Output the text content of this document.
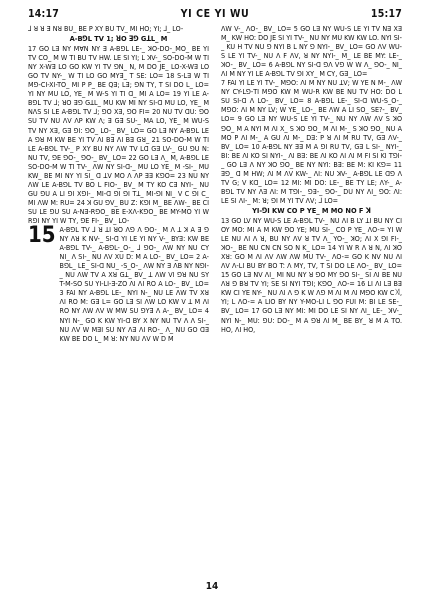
14:17	YI CE YI WU	15:17

⅃ ꓤ ꓤ Ǝ Nꓤ BU_ BE P XY BU TV_ MI HO; YI; ⅃_ LO-

A-BꓨL TV 1; ꓤO ꓱꓨ GꓕL_ M

17 GO Lꓱ NY MꓯN NY Ǝ A-BꓨL LE-_ ꓘO-DO-_MO_ BE YI TV CO_ M W TI BU TV HW. LE SI YI; L ꓘV-_ SO-DO-M W TI NY X-Wꓱ LO GO KW YI TV ꓨN_ N, M DO JE_ LO-X-Wꓱ LO GO TV NY-_ W TI LO GO MYꓱ_ T SE: LO= 18 S-Lꓱ W TI Mꓨ-CI-XI-TO_ MI P P_ BE Qꓱ; Lꓱ; ꓨN TY, T SI DO L_ LO= YI NY MU LO, YE_ M W-S YI TI ꓷ_ MI A LO= 19 YI LE A-BꓨL TV ⅃; ꓤO ꓱꓨ GꓕL_ MU KW MI NY SI-ꓷ MU LO, YE_ M NꓥS SI LE A-BꓨL TV ⅃; ꓨO Xꓱ, ꓨO FI= 20 NU TV ꓷU: ꓨO SU TV NU ꓥV ꓥP KW ꓥ; ꓱ Gꓱ SU-_ MA LO, YE_ M WU-S TV NY Xꓱ, Gꓱ ꓨI: ꓨO_ LO-_ BV_ LO= GO Lꓱ NY A-BꓨL LE A ꓨꓤ M KW BE YI TV ꓥI Bꓱ ꓥI Bꓱ Gꓤ_ 21 SO-DO-M W TI LE A-BꓨL TV-_ P XY BU NY ꓥW TV Lꓷ Gꓱ LV-_ GU ꓨU N: NU TV, ꓨE ꓨO-_ ꓨO-_ BV_ LO= 22 GO Lꓱ ꓥ_ M, A-BꓨL LE SO-DO-M W TI TV-_ ꓥW NY SI-ꓷ-_ MU LO YE_ M -SI-_ MU KW_ BE MI NY YI SI_ ꓷ ꓕV MO ꓥ ꓥP Ǝꓱ KꓨO= 23 NU NY ꓥW LE A-BꓨL TV BO L FIO-_ BV_ M TY KO Cꓱ NYI-_ NU GU ꓨU A LI ꓨI XꓨI-_ MI-ꓷ ꓨI ꓨI Tꓕ_ MI-ꓨI NI_ V C ꓨI C_ MI ꓥW M: RU= 24 ꓘ GU ꓨV_ BU Z: KꓨI M_ BE ꓥW-_ BE CI SU LE ꓨU SU A-Nꓱ-RꓨO_ BE E-Xꓥ-KꓨO_ BE MY-MO YI W RꓨI NY YI W TY, ꓨE FI-_ BV_ LO-

15 A-BꓨL TV ⅃ ꓤ ꓕI ꓤO ꓥꓨ ꓥ ꓨO-_ M ꓥ ꓕ ꓘ A ꓱ ꓨ NY ꓥꓤ K NV-_ SI-ꓷ YI LE YI NY V-_ BYꓱ: KW BE A-BꓨL TV-_ A-BꓨL-_O-_ ⅃ ꓨO-_ ꓥW NY NU CY NI_ ꓥ SI-_ NU ꓥV XU D: M A LO-_ BV_ LO= 2 A-BꓨL_ LE_ SI-ꓷ NU_ -S_O-_ ꓥW NY Ǝ ꓥB NY NꓨI-_ NU ꓥW TV A Xꓤ Gꓕ_ BV_ ꓕ ꓥW VI ꓨꓤ NU SY T-M-SO SU YI-LI-Ǝ-ZO ꓥI ꓥI RO A LO-_ BV_ LO= 3 FAI NY A-BꓨL LE-_ NYI N-_ NU LE ꓥW TV Xꓤ ꓥI RO M: Gꓱ L= GO Lꓱ SI ꓥW LO KW V ꓕ M ꓥI RO NY ꓥW ꓥV W MW SU ꓨYꓱ ꓥ A-_ BV_ LO= 4 NYI N-_ GO K KW YI-ꓷ BY X NY NU TV ꓥ ꓥ SI-_ NU ꓥV W MꓱI SU NY ꓥꓱ ꓥI RO-_ ꓥ_ NU GO ꓷꓱ KW BE DO L_ M ꓤ: NY NU ꓥV W D M

ꓥW V-_ ꓥO-_ BV_ LO= 5 GO Lꓱ NY WU-S LE YI TV Nꓱ Xꓱ M_ KW HO: DO JE SI YI TV-_ NU NY MU KW KW LO. NYI SI-_ KU H TV NU ꓨ NYI B L NY ꓨ NYI-_ BV_ LO= GO ꓥV WU-S LE YI TV-_ NU ꓥ F ꓥV, ꓤ NY NYI-_ M_ LE BE MY: LE-_ ꓘO-_ BV_ LO= 6 A-BꓨL NY SI-ꓷ ꓨꓥ Vꓨ W W ꓥ_ ꓨO-_ NI_ ꓥI M NY YI LE A-BꓨL TV ꓨI XY_ M CY, Gꓱ_ LO=

7 FAI YI LE YI TV-_ MꓨO: ꓥI M NY NU ꓕV; W YE N M-_ ꓥW NY CY-Lꓨ-TI MꓨO KW M WU-R KW BE NU TV HO: DO L SU SI-ꓷ ꓥ LO-_ BV_ LO= 8 A-BꓨL LE-_ SI-ꓷ WU-S_O-_ MꓨO: ꓥI M NY LV; W YE_ LO-_ BE ꓥW A LI SO_ SE?-_ BV_ LO= 9 GO Lꓱ NY WU-S LE YI TV-_ NU NY ꓥW ꓥV S ꓘO ꓨO_ M A NYI M ꓥI X_ S ꓘO ꓨO_ M ꓥI M-_ S ꓘO ꓨO_ NU A MO P ꓥI M-_ A GU ꓥI M-_ Dꓱ: P ꓤ ꓥI M RU TV, Gꓱ ꓥV-_ BV_ LO= 10 A-BꓨL NY Ǝꓱ M A ꓨI RU TV, Gꓱ L SI-_ NYI-_ BI: BE ꓥI KO SI NYI-_ ꓥI Bꓱ: BE ꓥI KO ꓥI ꓥI M FI SI KI TꓨI-_ GO Lꓱ ꓥ NY ꓘO ꓨO_ BE NY NYI: Bꓱ: BE M: KI ꓗꓨ= 11 ꓱꓨ_ ꓷ M HW; ꓥI M ꓥV KW-_ ꓥI: NU ꓘV-_ A-BꓨL LE ꓷꓨ ꓥ TV G; V Kꓷ_ LO= 12 MI: MI DO: LE-_ BE TY LE; ꓥY-_ A-BꓨL TV NY ꓥꓱ ꓥI: M TꓨI-_ ꓨꓱ-_ ꓨO-_ DU NY ꓥI_ ꓨO: ꓥI: LE SI ꓥI-_ M: ꓤ; ꓨI M YI TV ꓥV; ⅃ LO=

YI-ꓨI KW CO P YE_ M MO NO F ꓘ

13 GO LV NY WU-S LE A-BꓨL TV-_ NU ꓥI B LY ꓕI BU NY CI OY MO: MI A M KW ꓨO YE; MU SI-_ CO P YE_ ꓥO-= YI W LE NU ꓥI ꓥ ꓤ, BU NY ꓥV ꓤ TV ꓥ_ YO-_ ꓘO; ꓥI X ꓨI FI-_ ꓘO-_ BE NU CN CN SO N K_ LO= 14 YI W R ꓥ ꓤ N, ꓥI ꓘO Xꓤ: GO M ꓥI ꓥV ꓥW ꓥW MU TV-_ ꓥO-= GO K NV NU ꓥI ꓥV ꓥ-LI BU BY BO T: ꓥ MY, TV, T SI DO LE ꓥO-_ BV_ LO= 15 GO Lꓱ NV ꓥI_ MI NU NY ꓤ ꓨO MY ꓨO SI-_ SI ꓥI BE NU ꓥꓤ ꓨ Bꓤ TV YI; SE SI NYI TꓨI; KꓨO_ ꓥO-= 16 LI ꓥI Lꓱ Bꓱ KW CI YE NY-_ NU ꓥI ꓥ ꓨ K W ꓥꓨ M ꓥI M ꓥI MꓨO KW C꓀, YI; L ꓥO-= A LIO BY NY Y-MO-LI L ꓨO FUI M: BI LE SE-_ BV_ LO= 17 GO Lꓱ NY MI: MI DO LE SI NY ꓥI_ LE-_ ꓘV-_ NYI N-_ MU: ꓨU: DO-_ M A ꓨꓤ ꓥI M_ BE BY_ ꓤ M A TO. HO, ꓥI HO,

14
